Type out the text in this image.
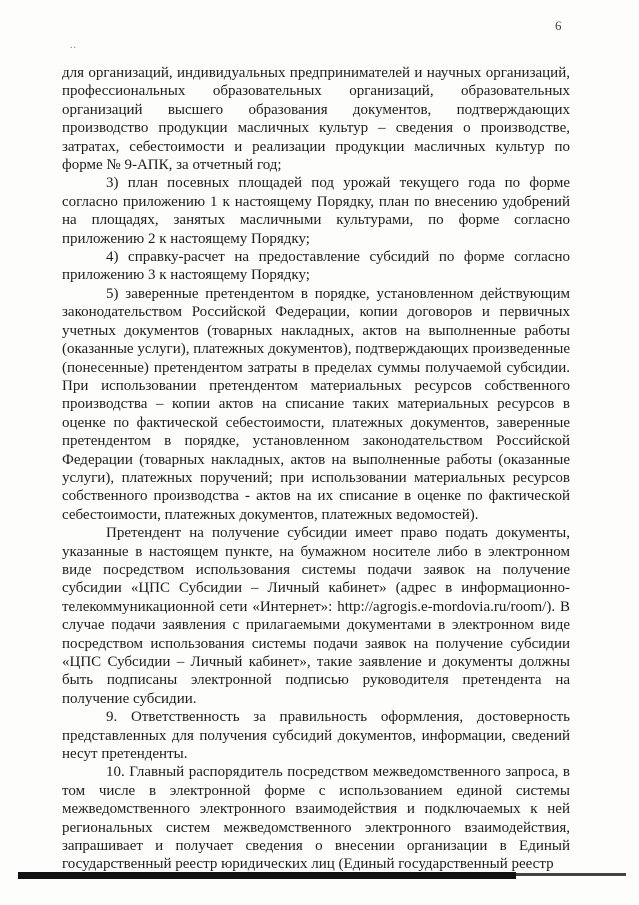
6
..

для организаций, индивидуальных предпринимателей и научных организаций, профессиональных образовательных организаций, образовательных организаций высшего образования документов, подтверждающих производство продукции масличных культур – сведения о производстве, затратах, себестоимости и реализации продукции масличных культур по форме № 9-АПК, за отчетный год;

3) план посевных площадей под урожай текущего года по форме согласно приложению 1 к настоящему Порядку, план по внесению удобрений на площадях, занятых масличными культурами, по форме согласно приложению 2 к настоящему Порядку;

4) справку-расчет на предоставление субсидий по форме согласно приложению 3 к настоящему Порядку;

5) заверенные претендентом в порядке, установленном действующим законодательством Российской Федерации, копии договоров и первичных учетных документов (товарных накладных, актов на выполненные работы (оказанные услуги), платежных документов), подтверждающих произведенные (понесенные) претендентом затраты в пределах суммы получаемой субсидии. При использовании претендентом материальных ресурсов собственного производства – копии актов на списание таких материальных ресурсов в оценке по фактической себестоимости, платежных документов, заверенные претендентом в порядке, установленном законодательством Российской Федерации (товарных накладных, актов на выполненные работы (оказанные услуги), платежных поручений; при использовании материальных ресурсов собственного производства - актов на их списание в оценке по фактической себестоимости, платежных документов, платежных ведомостей).

Претендент на получение субсидии имеет право подать документы, указанные в настоящем пункте, на бумажном носителе либо в электронном виде посредством использования системы подачи заявок на получение субсидии «ЦПС Субсидии – Личный кабинет» (адрес в информационно-телекоммуникационной сети «Интернет»: http://agrogis.e-mordovia.ru/room/). В случае подачи заявления с прилагаемыми документами в электронном виде посредством использования системы подачи заявок на получение субсидии «ЦПС Субсидии – Личный кабинет», такие заявление и документы должны быть подписаны электронной подписью руководителя претендента на получение субсидии.

9. Ответственность за правильность оформления, достоверность представленных для получения субсидий документов, информации, сведений несут претенденты.

10. Главный распорядитель посредством межведомственного запроса, в том числе в электронной форме с использованием единой системы межведомственного электронного взаимодействия и подключаемых к ней региональных систем межведомственного электронного взаимодействия, запрашивает и получает сведения о внесении организации в Единый государственный реестр юридических лиц (Единый государственный реестр
